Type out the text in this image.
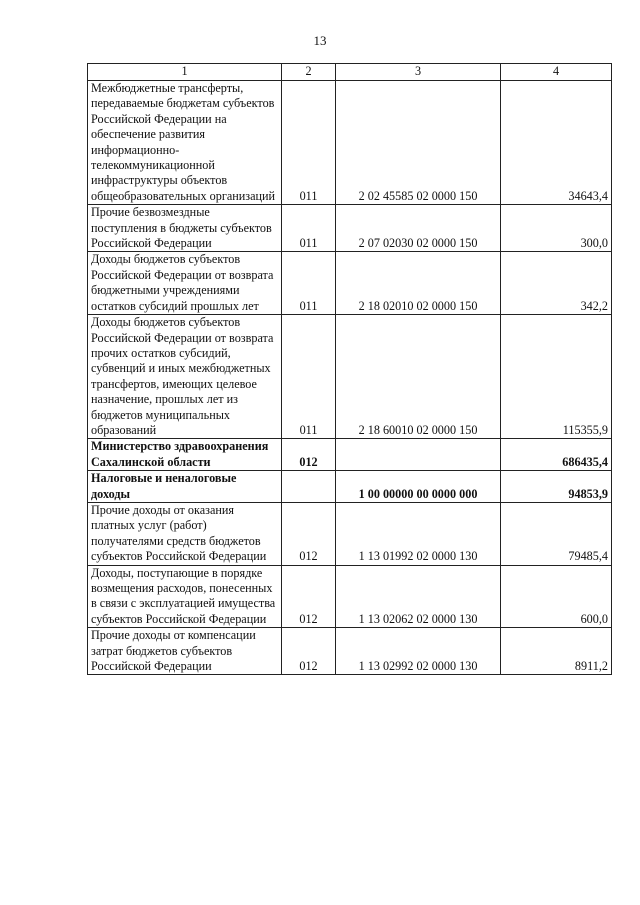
13
1	2	3	4
Межбюджетные трансферты, передаваемые бюджетам субъектов Российской Федерации на обеспечение развития информационно-телекоммуникационной инфраструктуры объектов общеобразовательных организаций	011	2 02 45585 02 0000 150	34643,4
Прочие безвозмездные поступления в бюджеты субъектов Российской Федерации	011	2 07 02030 02 0000 150	300,0
Доходы бюджетов субъектов Российской Федерации от возврата бюджетными учреждениями остатков субсидий прошлых лет	011	2 18 02010 02 0000 150	342,2
Доходы бюджетов субъектов Российской Федерации от возврата прочих остатков субсидий, субвенций и иных межбюджетных трансфертов, имеющих целевое назначение, прошлых лет из бюджетов муниципальных образований	011	2 18 60010 02 0000 150	115355,9
Министерство здравоохранения Сахалинской области	012		686435,4
Налоговые и неналоговые доходы		1 00 00000 00 0000 000	94853,9
Прочие доходы от оказания платных услуг (работ) получателями средств бюджетов субъектов Российской Федерации	012	1 13 01992 02 0000 130	79485,4
Доходы, поступающие в порядке возмещения расходов, понесенных в связи с эксплуатацией имущества субъектов Российской Федерации	012	1 13 02062 02 0000 130	600,0
Прочие доходы от компенсации затрат бюджетов субъектов Российской Федерации	012	1 13 02992 02 0000 130	8911,2
